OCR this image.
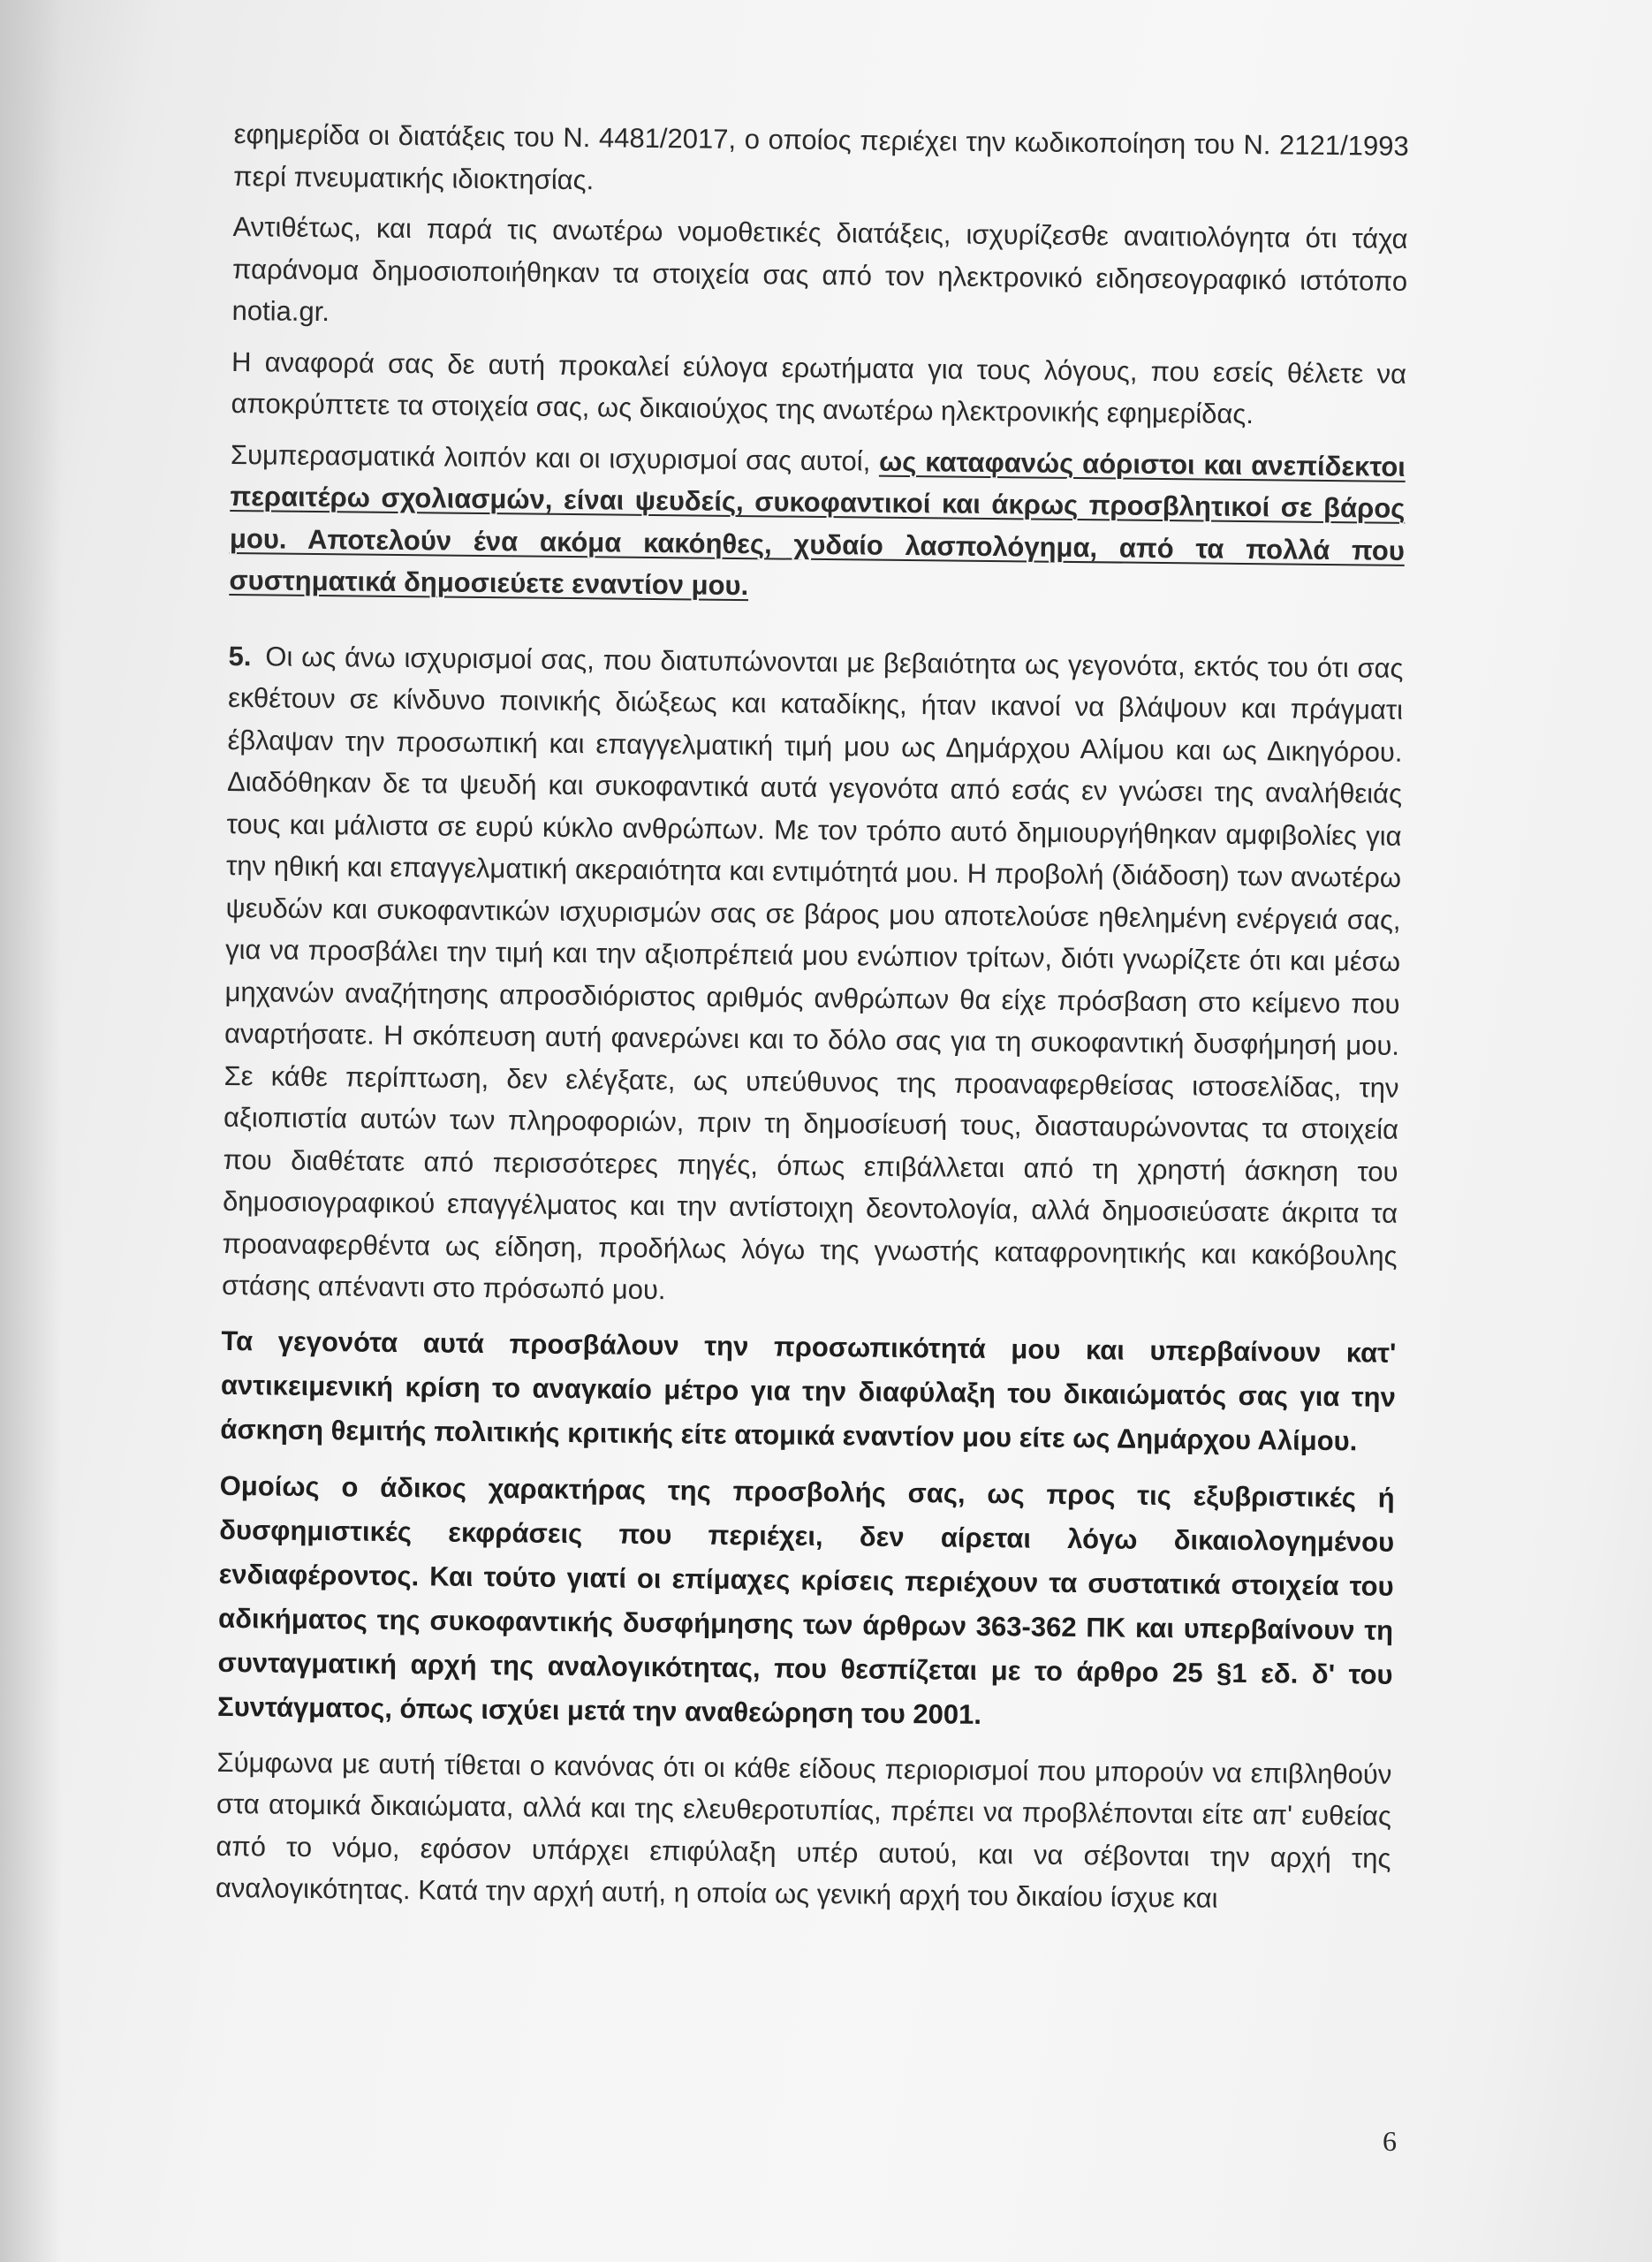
εφημερίδα οι διατάξεις του Ν. 4481/2017, ο οποίος περιέχει την κωδικοποίηση του Ν. 2121/1993 περί πνευματικής ιδιοκτησίας.

Αντιθέτως, και παρά τις ανωτέρω νομοθετικές διατάξεις, ισχυρίζεσθε αναιτιολόγητα ότι τάχα παράνομα δημοσιοποιήθηκαν τα στοιχεία σας από τον ηλεκτρονικό ειδησεογραφικό ιστότοπο notia.gr.

Η αναφορά σας δε αυτή προκαλεί εύλογα ερωτήματα για τους λόγους, που εσείς θέλετε να αποκρύπτετε τα στοιχεία σας, ως δικαιούχος της ανωτέρω ηλεκτρονικής εφημερίδας.

Συμπερασματικά λοιπόν και οι ισχυρισμοί σας αυτοί, ως καταφανώς αόριστοι και ανεπίδεκτοι περαιτέρω σχολιασμών, είναι ψευδείς, συκοφαντικοί και άκρως προσβλητικοί σε βάρος μου. Αποτελούν ένα ακόμα κακόηθες, χυδαίο λασπολόγημα, από τα πολλά που συστηματικά δημοσιεύετε εναντίον μου.

5. Οι ως άνω ισχυρισμοί σας, που διατυπώνονται με βεβαιότητα ως γεγονότα, εκτός του ότι σας εκθέτουν σε κίνδυνο ποινικής διώξεως και καταδίκης, ήταν ικανοί να βλάψουν και πράγματι έβλαψαν την προσωπική και επαγγελματική τιμή μου ως Δημάρχου Αλίμου και ως Δικηγόρου. Διαδόθηκαν δε τα ψευδή και συκοφαντικά αυτά γεγονότα από εσάς εν γνώσει της αναλήθειάς τους και μάλιστα σε ευρύ κύκλο ανθρώπων. Με τον τρόπο αυτό δημιουργήθηκαν αμφιβολίες για την ηθική και επαγγελματική ακεραιότητα και εντιμότητά μου. Η προβολή (διάδοση) των ανωτέρω ψευδών και συκοφαντικών ισχυρισμών σας σε βάρος μου αποτελούσε ηθελημένη ενέργειά σας, για να προσβάλει την τιμή και την αξιοπρέπειά μου ενώπιον τρίτων, διότι γνωρίζετε ότι και μέσω μηχανών αναζήτησης απροσδιόριστος αριθμός ανθρώπων θα είχε πρόσβαση στο κείμενο που αναρτήσατε. Η σκόπευση αυτή φανερώνει και το δόλο σας για τη συκοφαντική δυσφήμησή μου. Σε κάθε περίπτωση, δεν ελέγξατε, ως υπεύθυνος της προαναφερθείσας ιστοσελίδας, την αξιοπιστία αυτών των πληροφοριών, πριν τη δημοσίευσή τους, διασταυρώνοντας τα στοιχεία που διαθέτατε από περισσότερες πηγές, όπως επιβάλλεται από τη χρηστή άσκηση του δημοσιογραφικού επαγγέλματος και την αντίστοιχη δεοντολογία, αλλά δημοσιεύσατε άκριτα τα προαναφερθέντα ως είδηση, προδήλως λόγω της γνωστής καταφρονητικής και κακόβουλης στάσης απέναντι στο πρόσωπό μου.

Τα γεγονότα αυτά προσβάλουν την προσωπικότητά μου και υπερβαίνουν κατ' αντικειμενική κρίση το αναγκαίο μέτρο για την διαφύλαξη του δικαιώματός σας για την άσκηση θεμιτής πολιτικής κριτικής είτε ατομικά εναντίον μου είτε ως Δημάρχου Αλίμου.

Ομοίως ο άδικος χαρακτήρας της προσβολής σας, ως προς τις εξυβριστικές ή δυσφημιστικές εκφράσεις που περιέχει, δεν αίρεται λόγω δικαιολογημένου ενδιαφέροντος. Και τούτο γιατί οι επίμαχες κρίσεις περιέχουν τα συστατικά στοιχεία του αδικήματος της συκοφαντικής δυσφήμησης των άρθρων 363-362 ΠΚ και υπερβαίνουν τη συνταγματική αρχή της αναλογικότητας, που θεσπίζεται με το άρθρο 25 §1 εδ. δ' του Συντάγματος, όπως ισχύει μετά την αναθεώρηση του 2001.

Σύμφωνα με αυτή τίθεται ο κανόνας ότι οι κάθε είδους περιορισμοί που μπορούν να επιβληθούν στα ατομικά δικαιώματα, αλλά και της ελευθεροτυπίας, πρέπει να προβλέπονται είτε απ' ευθείας από το νόμο, εφόσον υπάρχει επιφύλαξη υπέρ αυτού, και να σέβονται την αρχή της αναλογικότητας. Κατά την αρχή αυτή, η οποία ως γενική αρχή του δικαίου ίσχυε και

6
